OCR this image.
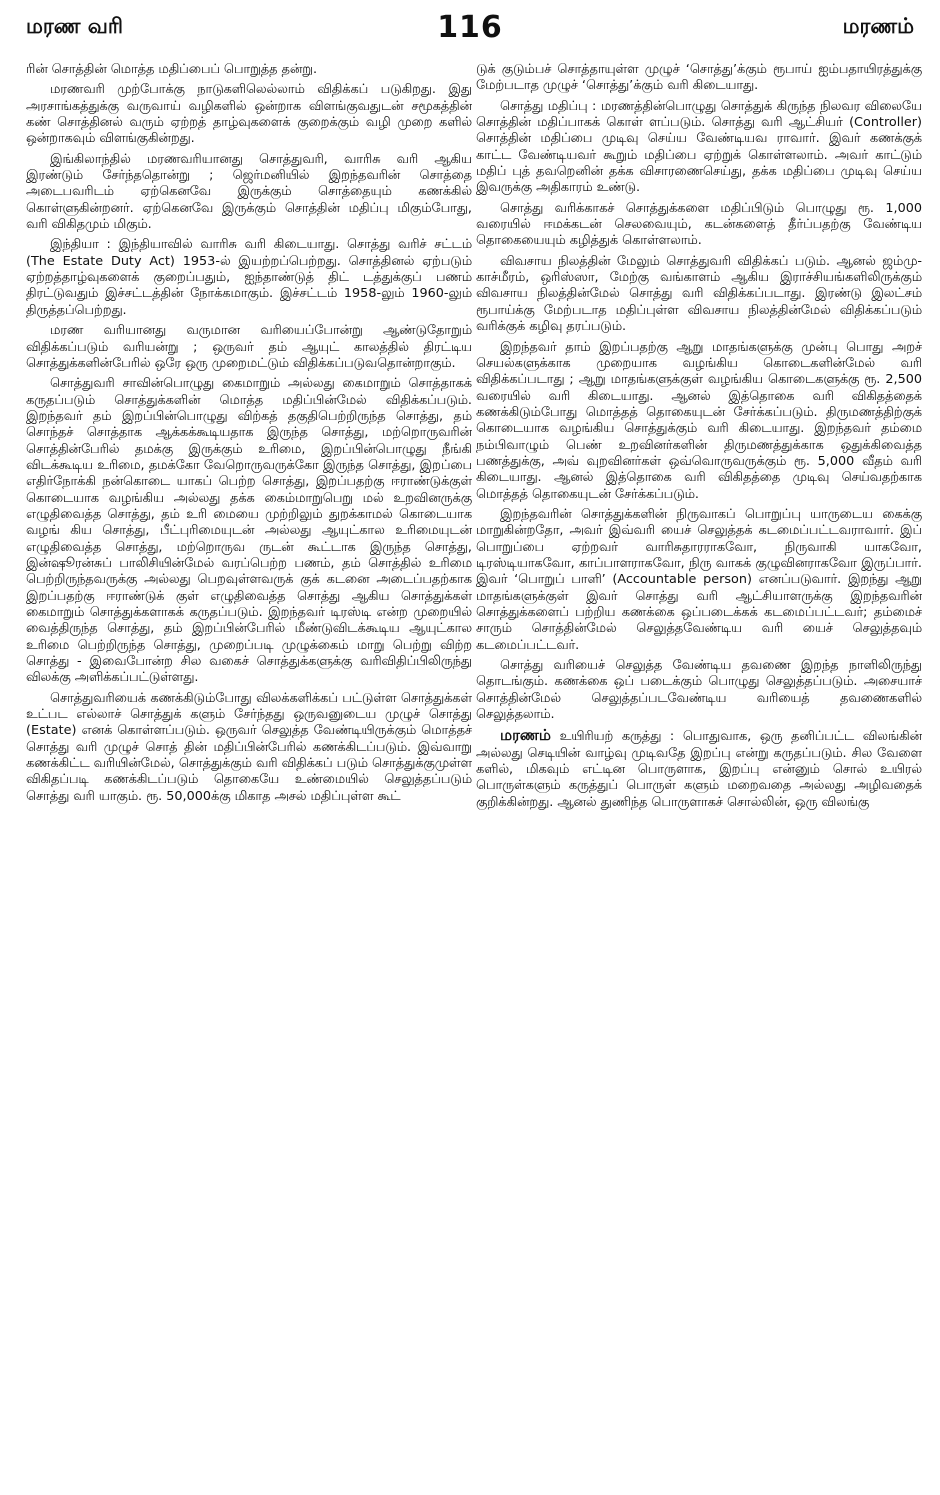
மரண வரி	116	மரணம்

ரின் சொத்தின் மொத்த மதிப்பைப் பொறுத்த தன்று.

மரணவரி முற்போக்கு நாடுகளிலெல்லாம் விதிக்கப் படுகிறது. இது அரசாங்கத்துக்கு வருவாய் வழிகளில் ஒன்றாக விளங்குவதுடன் சமூகத்தின் கண் சொத்தினல் வரும் ஏற்றத் தாழ்வுகளைக் குறைக்கும் வழி முறை களில் ஒன்றாகவும் விளங்குகின்றது.

இங்கிலாந்தில் மரணவரியானது சொத்துவரி, வாரிசு வரி ஆகிய இரண்டும் சேர்ந்ததொன்று ; ஜெர்மனியில் இறந்தவரின் சொத்தை அடைபவரிடம் ஏற்கெனவே இருக்கும் சொத்தையும் கணக்கில் கொள்ளுகின்றனர். ஏற்கெனவே இருக்கும் சொத்தின் மதிப்பு மிகும்போது, வரி விகிதமும் மிகும்.

இந்தியா : இந்தியாவில் வாரிசு வரி கிடையாது. சொத்து வரிச் சட்டம் (The Estate Duty Act) 1953-ல் இயற்றப்பெற்றது. சொத்தினல் ஏற்படும் ஏற்றத்தாழ்வுகளைக் குறைப்பதும், ஐந்தாண்டுத் திட் டத்துக்குப் பணம் திரட்டுவதும் இச்சட்டத்தின் நோக்கமாகும். இச்சட்டம் 1958-லும் 1960-லும் திருத்தப்பெற்றது.

மரண வரியானது வருமான வரியைப்போன்று ஆண்டுதோறும் விதிக்கப்படும் வரியன்று ; ஒருவர் தம் ஆயுட் காலத்தில் திரட்டிய சொத்துக்களின்பேரில் ஒரே ஒரு முறைமட்டும் விதிக்கப்படுவதொன்றாகும்.

சொத்துவரி சாவின்பொழுது கைமாறும் அல்லது கைமாறும் சொத்தாகக் கருதப்படும் சொத்துக்களின் மொத்த மதிப்பின்மேல் விதிக்கப்படும். இறந்தவர் தம் இறப்பின்பொழுது விற்கத் தகுதிபெற்றிருந்த சொத்து, தம் சொந்தச் சொத்தாக ஆக்கக்கூடியதாக இருந்த சொத்து, மற்றொருவரின் சொத்தின்பேரில் தமக்கு இருக்கும் உரிமை, இறப்பின்பொழுது நீங்கி விடக்கூடிய உரிமை, தமக்கோ வேறொருவருக்கோ இருந்த சொத்து, இறப்பை எதிர்நோக்கி நன்கொடை யாகப் பெற்ற சொத்து, இறப்பதற்கு ஈராண்டுக்குள் கொடையாக வழங்கிய அல்லது தக்க கைம்மாறுபெறு மல் உறவினருக்கு எழுதிவைத்த சொத்து, தம் உரி மையை முற்றிலும் துறக்காமல் கொடையாக வழங் கிய சொத்து, பீட்புரிமையுடன் அல்லது ஆயுட்கால உரிமையுடன் எழுதிவைத்த சொத்து, மற்றொருவ ருடன் கூட்டாக இருந்த சொத்து, இன்ஷூரன்சுப் பாலிசியின்மேல் வரப்பெற்ற பணம், தம் சொத்தில் உரிமை பெற்றிருந்தவருக்கு அல்லது பெறவுள்ளவருக் குக் கடனை அடைப்பதற்காக இறப்பதற்கு ஈராண்டுக் குள் எழுதிவைத்த சொத்து ஆகிய சொத்துக்கள் கைமாறும் சொத்துக்களாகக் கருதப்படும். இறந்தவர் டிரஸ்டி என்ற முறையில் வைத்திருந்த சொத்து, தம் இறப்பின்பேரில் மீண்டுவிடக்கூடிய ஆயுட்கால உரிமை பெற்றிருந்த சொத்து, முறைப்படி முழுக்கைம் மாறு பெற்று விற்ற சொத்து - இவைபோன்ற சில வகைச் சொத்துக்களுக்கு வரிவிதிப்பிலிருந்து விலக்கு அளிக்கப்பட்டுள்ளது.

சொத்துவரியைக் கணக்கிடும்போது விலக்களிக்கப் பட்டுள்ள சொத்துக்கள் உட்பட எல்லாச் சொத்துக் களும் சேர்ந்தது ஒருவனுடைய முழுச் சொத்து (Estate) எனக் கொள்ளப்படும். ஒருவர் செலுத்த வேண்டியிருக்கும் மொத்தச் சொத்து வரி முழுச் சொத் தின் மதிப்பின்பேரில் கணக்கிடப்படும். இவ்வாறு கணக்கிட்ட வரியின்மேல், சொத்துக்கும் வரி விதிக்கப் படும் சொத்துக்குமுள்ள விகிதப்படி கணக்கிடப்படும் தொகையே உண்மையில் செலுத்தப்படும் சொத்து வரி யாகும். ரூ. 50,000க்கு மிகாத அசல் மதிப்புள்ள கூட்

டுக் குடும்பச் சொத்தாயுள்ள முழுச் ‘சொத்து’க்கும் ரூபாய் ஐம்பதாயிரத்துக்கு மேற்படாத முழுச் ‘சொத்து’க்கும் வரி கிடையாது.

சொத்து மதிப்பு : மரணத்தின்பொழுது சொத்துக் கிருந்த நிலவர விலையே சொத்தின் மதிப்பாகக் கொள் ளப்படும். சொத்து வரி ஆட்சியர் (Controller) சொத்தின் மதிப்பை முடிவு செய்ய வேண்டியவ ராவார். இவர் கணக்குக் காட்ட வேண்டியவர் கூறும் மதிப்பை ஏற்றுக் கொள்ளலாம். அவர் காட்டும் மதிப் புத் தவறெனின் தக்க விசாரணைசெய்து, தக்க மதிப்பை முடிவு செய்ய இவருக்கு அதிகாரம் உண்டு.

சொத்து வரிக்காகச் சொத்துக்களை மதிப்பிடும் பொழுது ரூ. 1,000 வரையில் ஈமக்கடன் செலவையும், கடன்களைத் தீர்ப்பதற்கு வேண்டிய தொகையையும் கழித்துக் கொள்ளலாம்.

விவசாய நிலத்தின் மேலும் சொத்துவரி விதிக்கப் படும். ஆனல் ஜம்மு-காச்மீரம், ஒரிஸ்ஸா, மேற்கு வங்காளம் ஆகிய இராச்சியங்களிலிருக்கும் விவசாய நிலத்தின்மேல் சொத்து வரி விதிக்கப்படாது. இரண்டு இலட்சம் ரூபாய்க்கு மேற்படாத மதிப்புள்ள விவசாய நிலத்தின்மேல் விதிக்கப்படும் வரிக்குக் கழிவு தரப்படும்.

இறந்தவர் தாம் இறப்பதற்கு ஆறு மாதங்களுக்கு முன்பு பொது அறச் செயல்களுக்காக முறையாக வழங்கிய கொடைகளின்மேல் வரி விதிக்கப்படாது ; ஆறு மாதங்களுக்குள் வழங்கிய கொடைகளுக்கு ரூ. 2,500 வரையில் வரி கிடையாது. ஆனல் இத்தொகை வரி விகிதத்தைக் கணக்கிடும்போது மொத்தத் தொகையுடன் சேர்க்கப்படும். திருமணத்திற்குக் கொடையாக வழங்கிய சொத்துக்கும் வரி கிடையாது. இறந்தவர் தம்மை நம்பிவாழும் பெண் உறவினர்களின் திருமணத்துக்காக ஒதுக்கிவைத்த பணத்துக்கு, அவ் வுறவினர்கள் ஒவ்வொருவருக்கும் ரூ. 5,000 வீதம் வரி கிடையாது. ஆனல் இத்தொகை வரி விகிதத்தை முடிவு செய்வதற்காக மொத்தத் தொகையுடன் சேர்க்கப்படும்.

இறந்தவரின் சொத்துக்களின் நிருவாகப் பொறுப்பு யாருடைய கைக்கு மாறுகின்றதோ, அவர் இவ்வரி யைச் செலுத்தக் கடமைப்பட்டவராவார். இப் பொறுப்பை ஏற்றவர் வாரிசுதாரராகவோ, நிருவாகி யாகவோ, டிரஸ்டியாகவோ, காப்பாளராகவோ, நிரு வாகக் குழுவினராகவோ இருப்பார். இவர் ‘பொறுப் பாளி’ (Accountable person) எனப்படுவார். இறந்து ஆறு மாதங்களுக்குள் இவர் சொத்து வரி ஆட்சியாளருக்கு இறந்தவரின் சொத்துக்களைப் பற்றிய கணக்கை ஒப்படைக்கக் கடமைப்பட்டவர்; தம்மைச் சாரும் சொத்தின்மேல் செலுத்தவேண்டிய வரி யைச் செலுத்தவும் கடமைப்பட்டவர்.

சொத்து வரியைச் செலுத்த வேண்டிய தவணை இறந்த நாளிலிருந்து தொடங்கும். கணக்கை ஒப் படைக்கும் பொழுது செலுத்தப்படும். அசையாச் சொத்தின்மேல் செலுத்தப்படவேண்டிய வரியைத் தவணைகளில் செலுத்தலாம்.

மரணம் உயிரியற் கருத்து : பொதுவாக, ஒரு தனிப்பட்ட விலங்கின் அல்லது செடியின் வாழ்வு முடிவதே இறப்பு என்று கருதப்படும். சில வேளை களில், மிகவும் எட்டின பொருளாக, இறப்பு என்னும் சொல் உயிரல் பொருள்களும் கருத்துப் பொருள் களும் மறைவதை அல்லது அழிவதைக் குறிக்கின்றது. ஆனல் துணிந்த பொருளாகச் சொல்லின், ஒரு விலங்கு
